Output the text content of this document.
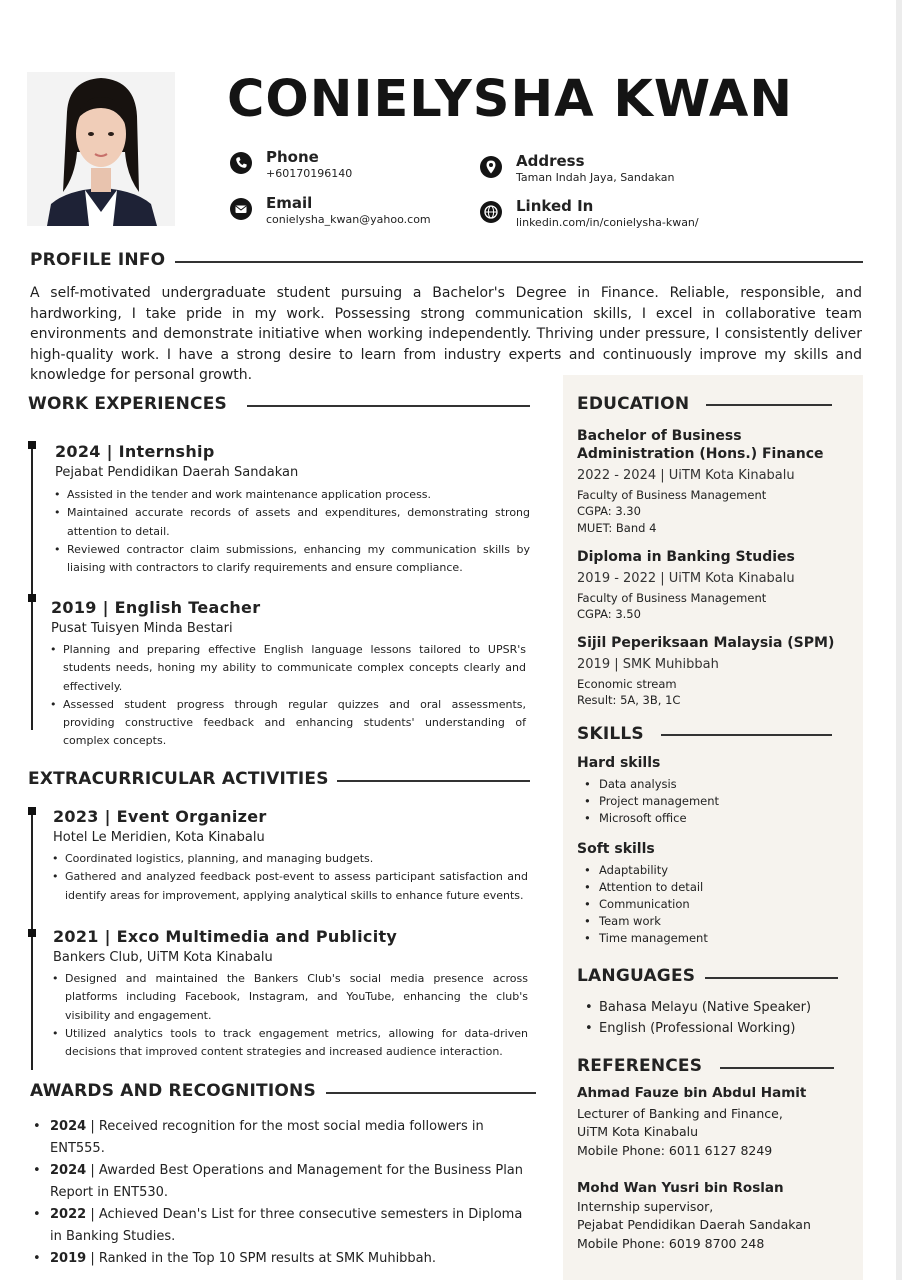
CONIELYSHA KWAN
Phone
+60170196140
Address
Taman Indah Jaya, Sandakan
Email
conielysha_kwan@yahoo.com
Linked In
linkedin.com/in/conielysha-kwan/
PROFILE INFO
A self-motivated undergraduate student pursuing a Bachelor's Degree in Finance. Reliable, responsible, and hardworking, I take pride in my work. Possessing strong communication skills, I excel in collaborative team environments and demonstrate initiative when working independently. Thriving under pressure, I consistently deliver high-quality work. I have a strong desire to learn from industry experts and continuously improve my skills and knowledge for personal growth.
WORK EXPERIENCES
2024 | Internship
Pejabat Pendidikan Daerah Sandakan
• Assisted in the tender and work maintenance application process.
• Maintained accurate records of assets and expenditures, demonstrating strong attention to detail.
• Reviewed contractor claim submissions, enhancing my communication skills by liaising with contractors to clarify requirements and ensure compliance.
2019 | English Teacher
Pusat Tuisyen Minda Bestari
• Planning and preparing effective English language lessons tailored to UPSR's students needs, honing my ability to communicate complex concepts clearly and effectively.
• Assessed student progress through regular quizzes and oral assessments, providing constructive feedback and enhancing students' understanding of complex concepts.
EXTRACURRICULAR ACTIVITIES
2023 | Event Organizer
Hotel Le Meridien, Kota Kinabalu
• Coordinated logistics, planning, and managing budgets.
• Gathered and analyzed feedback post-event to assess participant satisfaction and identify areas for improvement, applying analytical skills to enhance future events.
2021 | Exco Multimedia and Publicity
Bankers Club, UiTM Kota Kinabalu
• Designed and maintained the Bankers Club's social media presence across platforms including Facebook, Instagram, and YouTube, enhancing the club's visibility and engagement.
• Utilized analytics tools to track engagement metrics, allowing for data-driven decisions that improved content strategies and increased audience interaction.
AWARDS AND RECOGNITIONS
• 2024 | Received recognition for the most social media followers in ENT555.
• 2024 | Awarded Best Operations and Management for the Business Plan Report in ENT530.
• 2022 | Achieved Dean's List for three consecutive semesters in Diploma in Banking Studies.
• 2019 | Ranked in the Top 10 SPM results at SMK Muhibbah.
EDUCATION
Bachelor of Business
Administration (Hons.) Finance
2022 - 2024 | UiTM Kota Kinabalu
Faculty of Business Management
CGPA: 3.30
MUET: Band 4
Diploma in Banking Studies
2019 - 2022 | UiTM Kota Kinabalu
Faculty of Business Management
CGPA: 3.50
Sijil Peperiksaan Malaysia (SPM)
2019 | SMK Muhibbah
Economic stream
Result: 5A, 3B, 1C
SKILLS
Hard skills
• Data analysis
• Project management
• Microsoft office
Soft skills
• Adaptability
• Attention to detail
• Communication
• Team work
• Time management
LANGUAGES
• Bahasa Melayu (Native Speaker)
• English (Professional Working)
REFERENCES
Ahmad Fauze bin Abdul Hamit
Lecturer of Banking and Finance,
UiTM Kota Kinabalu
Mobile Phone: 6011 6127 8249
Mohd Wan Yusri bin Roslan
Internship supervisor,
Pejabat Pendidikan Daerah Sandakan
Mobile Phone: 6019 8700 248
